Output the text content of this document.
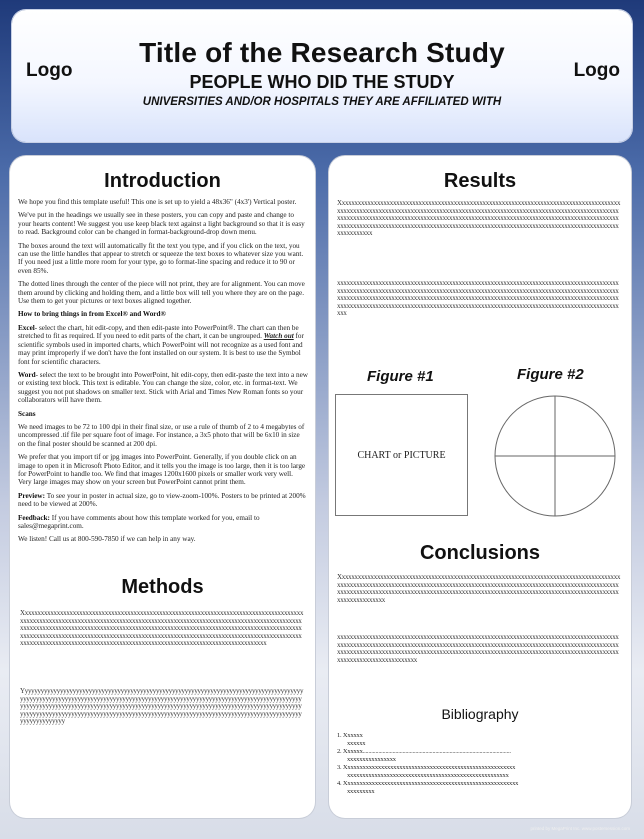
Logo	Logo
Title of the Research Study
PEOPLE WHO DID THE STUDY
UNIVERSITIES AND/OR HOSPITALS THEY ARE AFFILIATED WITH
Introduction

We hope you find this template useful! This one is set up to yield a 48x36" (4x3') Vertical poster.

We've put in the headings we usually see in these posters, you can copy and paste and change to your hearts content! We suggest you use keep black text against a light background so that it is easy to read. Background color can be changed in format-background-drop down menu.

The boxes around the text will automatically fit the text you type, and if you click on the text, you can use the little handles that appear to stretch or squeeze the text boxes to whatever size you want. If you need just a little more room for your type, go to format-line spacing and reduce it to 90 or even 85%.

The dotted lines through the center of the piece will not print, they are for alignment. You can move them around by clicking and holding them, and a little box will tell you where they are on the page. Use them to get your pictures or text boxes aligned together.

How to bring things in from Excel® and Word®

Excel- select the chart, hit edit-copy, and then edit-paste into PowerPoint®. The chart can then be stretched to fit as required. If you need to edit parts of the chart, it can be ungrouped. Watch out for scientific symbols used in imported charts, which PowerPoint will not recognize as a used font and may print improperly if we don't have the font installed on our system. It is best to use the Symbol font for scientific characters.

Word- select the text to be brought into PowerPoint, hit edit-copy, then edit-paste the text into a new or existing text block. This text is editable. You can change the size, color, etc. in format-text. We suggest you not put shadows on smaller text. Stick with Arial and Times New Roman fonts so your collaborators will have them.

Scans

We need images to be 72 to 100 dpi in their final size, or use a rule of thumb of 2 to 4 megabytes of uncompressed .tif file per square foot of image. For instance, a 3x5 photo that will be 6x10 in size on the final poster should be scanned at 200 dpi.

We prefer that you import tif or jpg images into PowerPoint. Generally, if you double click on an image to open it in Microsoft Photo Editor, and it tells you the image is too large, then it is too large for PowerPoint to handle too. We find that images 1200x1600 pixels or smaller work very well. Very large images may show on your screen but PowerPoint cannot print them.

Preview: To see your in poster in actual size, go to view-zoom-100%. Posters to be printed at 200% need to be viewed at 200%.

Feedback: If you have comments about how this template worked for you, email to sales@megaprint.com.

We listen! Call us at 800-590-7850 if we can help in any way.

Methods
Xxxxxxxxxxxxxxxxxxxxxxxxxxxxxxxxxxxxxxxxxxxxxxxxxxxxxxxxxxxxxxxxxxxxxxxxxxxxxxxxxxxxxxxxxxxxxxxxxxxxxxxxxxxxxxxxxxxxxxxxxxxxxxxxxxxxxxxxxxxxxxxxxxxxxxxxxxxxxxxxxxxxxxxxxxxxxxxxxxxxxxxxxxxxxxxxxxxxxxxxxxxxxxxxxxxxxxxxxxxxxxxxxxxxxxxxxxxxxxxxxxxxxxxxxxxxxxxxxxxxxxxxxxxxxxxxxxxxxxxxxxxxxxxxxxxxxxxxxxxxxxxxxxxxxxxxxxxxxxxxxxxxxxxxxxxxxxxxxxxxxxxxxxxxxxxxxxxxxxxxxxxxxxxxxxxxxxxxxxxxxxxxxxxxxxxxxxxxxxxxxxxxxxxxxxxxxxxxxxxxxxxxxxxxx
Yyyyyyyyyyyyyyyyyyyyyyyyyyyyyyyyyyyyyyyyyyyyyyyyyyyyyyyyyyyyyyyyyyyyyyyyyyyyyyyyyyyyyyyyyyyyyyyyyyyyyyyyyyyyyyyyyyyyyyyyyyyyyyyyyyyyyyyyyyyyyyyyyyyyyyyyyyyyyyyyyyyyyyyyyyyyyyyyyyyyyyyyyyyyyyyyyyyyyyyyyyyyyyyyyyyyyyyyyyyyyyyyyyyyyyyyyyyyyyyyyyyyyyyyyyyyyyyyyyyyyyyyyyyyyyyyyyyyyyyyyyyyyyyyyyyyyyyyyyyyyyyyyyyyyyyyyyyyyyyyyyyyyyyyyyyyyyyyyyyyyyyyyyyyyyyyyyyyyyyyyyyyyy
Results
Xxxxxxxxxxxxxxxxxxxxxxxxxxxxxxxxxxxxxxxxxxxxxxxxxxxxxxxxxxxxxxxxxxxxxxxxxxxxxxxxxxxxxxxxxxxxxxxxxxxxxxxxxxxxxxxxxxxxxxxxxxxxxxxxxxxxxxxxxxxxxxxxxxxxxxxxxxxxxxxxxxxxxxxxxxxxxxxxxxxxxxxxxxxxxxxxxxxxxxxxxxxxxxxxxxxxxxxxxxxxxxxxxxxxxxxxxxxxxxxxxxxxxxxxxxxxxxxxxxxxxxxxxxxxxxxxxxxxxxxxxxxxxxxxxxxxxxxxxxxxxxxxxxxxxxxxxxxxxxxxxxxxxxxxxxxxxxxxxxxxxxxxxxxxxxxxxxxxxxxxxxx
xxxxxxxxxxxxxxxxxxxxxxxxxxxxxxxxxxxxxxxxxxxxxxxxxxxxxxxxxxxxxxxxxxxxxxxxxxxxxxxxxxxxxxxxxxxxxxxxxxxxxxxxxxxxxxxxxxxxxxxxxxxxxxxxxxxxxxxxxxxxxxxxxxxxxxxxxxxxxxxxxxxxxxxxxxxxxxxxxxxxxxxxxxxxxxxxxxxxxxxxxxxxxxxxxxxxxxxxxxxxxxxxxxxxxxxxxxxxxxxxxxxxxxxxxxxxxxxxxxxxxxxxxxxxxxxxxxxxxxxxxxxxxxxxxxxxxxxxxxxxxxxxxxxxxxxxxxxxxxxxxxxxxxxxxxxxxxxxxxxxxxxxxxxxxxxxxxx
Figure #1	Figure #2
CHART or PICTURE
Conclusions
Xxxxxxxxxxxxxxxxxxxxxxxxxxxxxxxxxxxxxxxxxxxxxxxxxxxxxxxxxxxxxxxxxxxxxxxxxxxxxxxxxxxxxxxxxxxxxxxxxxxxxxxxxxxxxxxxxxxxxxxxxxxxxxxxxxxxxxxxxxxxxxxxxxxxxxxxxxxxxxxxxxxxxxxxxxxxxxxxxxxxxxxxxxxxxxxxxxxxxxxxxxxxxxxxxxxxxxxxxxxxxxxxxxxxxxxxxxxxxxxxxxxxxxxxxxxxxxxxxxxxxxxxxxxxxxxxxxxxxxx
xxxxxxxxxxxxxxxxxxxxxxxxxxxxxxxxxxxxxxxxxxxxxxxxxxxxxxxxxxxxxxxxxxxxxxxxxxxxxxxxxxxxxxxxxxxxxxxxxxxxxxxxxxxxxxxxxxxxxxxxxxxxxxxxxxxxxxxxxxxxxxxxxxxxxxxxxxxxxxxxxxxxxxxxxxxxxxxxxxxxxxxxxxxxxxxxxxxxxxxxxxxxxxxxxxxxxxxxxxxxxxxxxxxxxxxxxxxxxxxxxxxxxxxxxxxxxxxxxxxxxxxxxxxxxxxxxxxxxxxxxxxxxxxxx
Bibliography
1. Xxxxxx
xxxxxx
2. Xxxxxx........................................................................................................
xxxxxxxxxxxxxxxx
3. Xxxxxxxxxxxxxxxxxxxxxxxxxxxxxxxxxxxxxxxxxxxxxxxxxxxxxxxx
xxxxxxxxxxxxxxxxxxxxxxxxxxxxxxxxxxxxxxxxxxxxxxxxxxxxx
4. Xxxxxxxxxxxxxxxxxxxxxxxxxxxxxxxxxxxxxxxxxxxxxxxxxxxxxxxxx
xxxxxxxxx
printed by MegaPrint Inc. www.postersession.com
